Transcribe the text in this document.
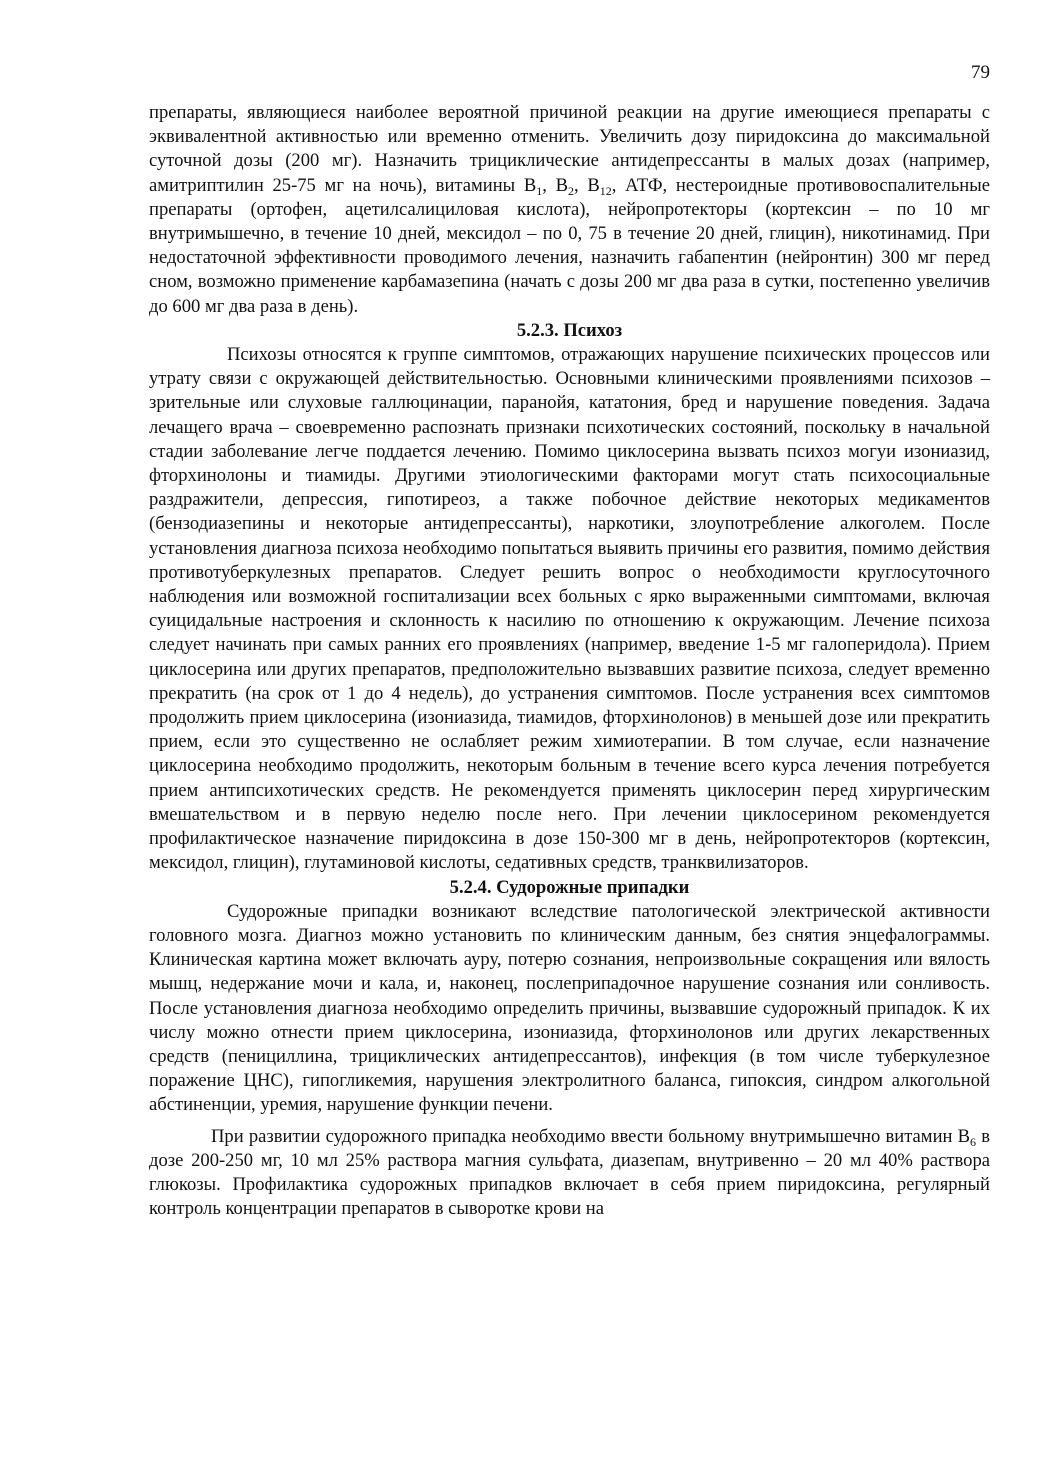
79

препараты, являющиеся наиболее вероятной причиной реакции на другие имеющиеся препараты с эквивалентной активностью или временно отменить. Увеличить дозу пиридоксина до максимальной суточной дозы (200 мг). Назначить трициклические антидепрессанты в малых дозах (например, амитриптилин 25-75 мг на ночь), витамины $В_1$, $В_2$, $В_{12}$, АТФ, нестероидные противовоспалительные препараты (ортофен, ацетилсалициловая кислота), нейропротекторы (кортексин – по 10 мг внутримышечно, в течение 10 дней, мексидол – по 0, 75 в течение 20 дней, глицин), никотинамид. При недостаточной эффективности проводимого лечения, назначить габапентин (нейронтин) 300 мг перед сном, возможно применение карбамазепина (начать с дозы 200 мг два раза в сутки, постепенно увеличив до 600 мг два раза в день).

5.2.3. Психоз

Психозы относятся к группе симптомов, отражающих нарушение психических процессов или утрату связи с окружающей действительностью. Основными клиническими проявлениями психозов – зрительные или слуховые галлюцинации, паранойя, кататония, бред и нарушение поведения. Задача лечащего врача – своевременно распознать признаки психотических состояний, поскольку в начальной стадии заболевание легче поддается лечению. Помимо циклосерина вызвать психоз могуи изониазид, фторхинолоны и тиамиды. Другими этиологическими факторами могут стать психосоциальные раздражители, депрессия, гипотиреоз, а также побочное действие некоторых медикаментов (бензодиазепины и некоторые антидепрессанты), наркотики, злоупотребление алкоголем. После установления диагноза психоза необходимо попытаться выявить причины его развития, помимо действия противотуберкулезных препаратов. Следует решить вопрос о необходимости круглосуточного наблюдения или возможной госпитализации всех больных с ярко выраженными симптомами, включая суицидальные настроения и склонность к насилию по отношению к окружающим. Лечение психоза следует начинать при самых ранних его проявлениях (например, введение 1-5 мг галоперидола). Прием циклосерина или других препаратов, предположительно вызвавших развитие психоза, следует временно прекратить (на срок от 1 до 4 недель), до устранения симптомов. После устранения всех симптомов продолжить прием циклосерина (изониазида, тиамидов, фторхинолонов) в меньшей дозе или прекратить прием, если это существенно не ослабляет режим химиотерапии. В том случае, если назначение циклосерина необходимо продолжить, некоторым больным в течение всего курса лечения потребуется прием антипсихотических средств. Не рекомендуется применять циклосерин перед хирургическим вмешательством и в первую неделю после него. При лечении циклосерином рекомендуется профилактическое назначение пиридоксина в дозе 150-300 мг в день, нейропротекторов (кортексин, мексидол, глицин), глутаминовой кислоты, седативных средств, транквилизаторов.

5.2.4. Судорожные припадки

Судорожные припадки возникают вследствие патологической электрической активности головного мозга. Диагноз можно установить по клиническим данным, без снятия энцефалограммы. Клиническая картина может включать ауру, потерю сознания, непроизвольные сокращения или вялость мышц, недержание мочи и кала, и, наконец, послеприпадочное нарушение сознания или сонливость. После установления диагноза необходимо определить причины, вызвавшие судорожный припадок. К их числу можно отнести прием циклосерина, изониазида, фторхинолонов или других лекарственных средств (пенициллина, трициклических антидепрессантов), инфекция (в том числе туберкулезное поражение ЦНС), гипогликемия, нарушения электролитного баланса, гипоксия, синдром алкогольной абстиненции, уремия, нарушение функции печени.

При развитии судорожного припадка необходимо ввести больному внутримышечно витамин $В_6$ в дозе 200-250 мг, 10 мл 25% раствора магния сульфата, диазепам, внутривенно – 20 мл 40% раствора глюкозы. Профилактика судорожных припадков включает в себя прием пиридоксина, регулярный контроль концентрации препаратов в сыворотке крови на
